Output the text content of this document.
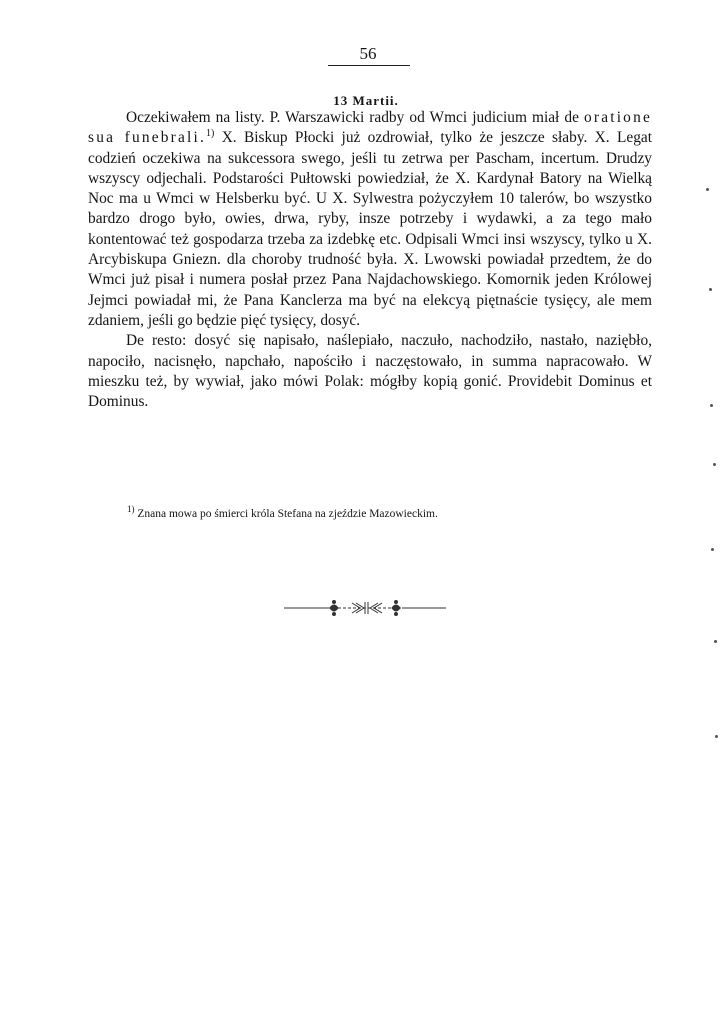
56
13 Martii.

Oczekiwałem na listy. P. Warszawicki radby od Wmci judicium miał de oratione sua funebrali.$^{1)}$ X. Biskup Płocki już ozdrowiał, tylko że jeszcze słaby. X. Legat codzień oczekiwa na sukcessora swego, jeśli tu zetrwa per Pascham, incertum. Drudzy wszyscy odjechali. Podstarości Pułtowski powiedział, że X. Kardynał Batory na Wielką Noc ma u Wmci w Helsberku być. U X. Sylwestra pożyczyłem 10 talerów, bo wszystko bardzo drogo było, owies, drwa, ryby, insze potrzeby i wydawki, a za tego mało kontentować też gospodarza trzeba za izdebkę etc. Odpisali Wmci insi wszyscy, tylko u X. Arcybiskupa Gniezn. dla choroby trudność była. X. Lwowski powiadał przedtem, że do Wmci już pisał i numera posłał przez Pana Najdachowskiego. Komornik jeden Królowej Jejmci powiadał mi, że Pana Kanclerza ma być na elekcyą piętnaście tysięcy, ale mem zdaniem, jeśli go będzie pięć tysięcy, dosyć.

De resto: dosyć się napisało, naślepiało, naczuło, nachodziło, nastało, naziębło, napociło, nacisnęło, napchało, napościło i naczęstowało, in summa napracowało. W mieszku też, by wywiał, jako mówi Polak: mógłby kopią gonić. Providebit Dominus et Dominus.

$^{1)}$ Znana mowa po śmierci króla Stefana na zjeździe Mazowieckim.
